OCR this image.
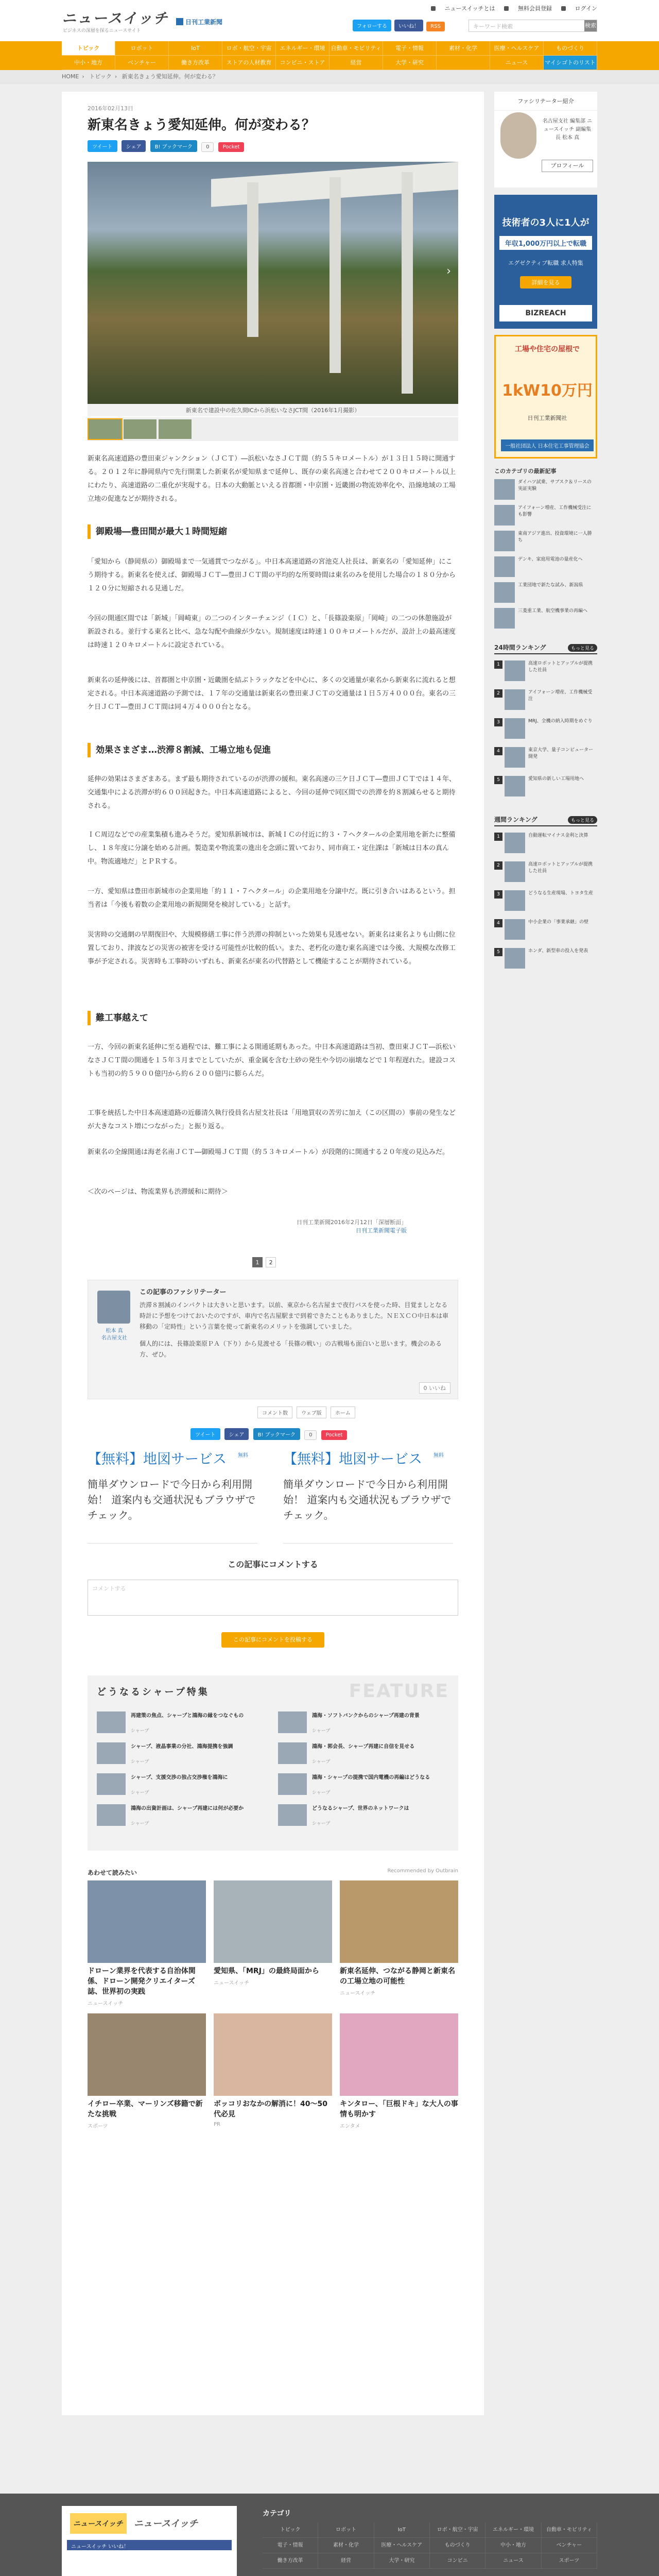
ニュースイッチ
ビジネスの深層を探るニュースサイト
日刊工業新聞
ニュースイッチとは	無料会員登録	ログイン
フォローする いいね！ RSS	キーワード検索	検索
トピック	ロボット	IoT	ロボ・航空・宇宙	エネルギー・環境	自動車・モビリティ	電子・情報	素材・化学	医療・ヘルスケア	ものづくり
中小・地方	ベンチャー	働き方改革	ストアの人材教育	コンビニ・ストア	経営	大学・研究	ニュース	マイシゴトのリスト
HOME › トピック › 新東名きょう愛知延伸。何が変わる？
2016年02月13日
新東名きょう愛知延伸。何が変わる？
ツイート	シェア	B! ブックマーク	0	Pocket
›
新東名で建設中の佐久間ICから浜松いなさJCT間（2016年1月撮影）

新東名高速道路の豊田東ジャンクション（ＪＣＴ）―浜松いなさＪＣＴ間（約５５キロメートル）が１３日１５時に開通する。２０１２年に静岡県内で先行開業した新東名が愛知県まで延伸し、既存の東名高速と合わせて２００キロメートル以上にわたり、高速道路の二重化が実現する。日本の大動脈といえる首都圏・中京圏・近畿圏の物流効率化や、沿線地域の工場立地の促進などが期待される。

御殿場―豊田間が最大１時間短縮

「愛知から（静岡県の）御殿場まで一気通貫でつながる」。中日本高速道路の宮池克人社長は、新東名の「愛知延伸」にこう期待する。新東名を使えば、御殿場ＪＣＴ―豊田ＪＣＴ間の平均的な所要時間は東名のみを使用した場合の１８０分から１２０分に短縮される見通しだ。

今回の開通区間では「新城」「岡崎東」の二つのインターチェンジ（ＩＣ）と、「長篠設楽原」「岡崎」の二つの休憩施設が新設される。並行する東名と比べ、急な勾配や曲線が少ない。規制速度は時速１００キロメートルだが、設計上の最高速度は時速１２０キロメートルに設定されている。

新東名の延伸後には、首都圏と中京圏・近畿圏を結ぶトラックなどを中心に、多くの交通量が東名から新東名に流れると想定される。中日本高速道路の予測では、１７年の交通量は新東名の豊田東ＪＣＴの交通量は１日５万４０００台。東名の三ケ日ＪＣＴ―豊田ＪＣＴ間は同４万４０００台となる。

効果さまざま…渋滞８割減、工場立地も促進

延伸の効果はさまざまある。まず最も期待されているのが渋滞の緩和。東名高速の三ケ日ＪＣＴ―豊田ＪＣＴでは１４年、交通集中による渋滞が約６００回起きた。中日本高速道路によると、今回の延伸で同区間での渋滞を約８割減らせると期待される。

ＩＣ周辺などでの産業集積も進みそうだ。愛知県新城市は、新城ＩＣの付近に約３・７ヘクタールの企業用地を新たに整備し、１８年度に分譲を始める計画。製造業や物流業の進出を念頭に置いており、同市商工・定住課は「新城は日本の真ん中。物流適地だ」とＰＲする。

一方、愛知県は豊田市新城市の企業用地「約１１・７ヘクタール」の企業用地を分譲中だ。既に引き合いはあるという。担当者は「今後も着数の企業用地の新規開発を検討している」と話す。

災害時の交通網の早期復旧や、大規模修繕工事に伴う渋滞の抑制といった効果も見逃せない。新東名は東名よりも山側に位置しており、津波などの災害の被害を受ける可能性が比較的低い。また、老朽化の進む東名高速では今後、大規模な改修工事が予定される。災害時も工事時のいずれも、新東名が東名の代替路として機能することが期待されている。

難工事越えて

一方、今回の新東名延伸に至る過程では、難工事による開通延期もあった。中日本高速道路は当初、豊田東ＪＣＴ―浜松いなさＪＣＴ間の開通を１５年３月までとしていたが、重金属を含む土砂の発生や今切の崩壊などで１年程遅れた。建設コストも当初の約５９００億円から約６２００億円に膨らんだ。

工事を統括した中日本高速道路の近藤清久執行役員名古屋支社長は「用地買収の苦労に加え（この区間の）事前の発生などが大きなコスト増につながった」と振り返る。

新東名の全線開通は海老名南ＪＣＴ―御殿場ＪＣＴ間（約５３キロメートル）が段階的に開通する２０年度の見込みだ。

＜次のページは、物流業界も渋滞緩和に期待＞
日刊工業新聞2016年2月12日「深層断面」
日刊工業新聞電子版
1 2
この記事のファシリテーター
松本 真
名古屋支社

渋滞８割減のインパクトは大きいと思います。以前、東京から名古屋まで夜行バスを使った時、目覚ましとなる時計に予想をつけておいたのですが、車内で名古屋駅まで到着できたこともありました。ＮＥＸＣＯ中日本は車移動の「定時性」という言葉を使って新東名のメリットを強調していました。

個人的には、長篠設楽原ＰＡ（下り）から見渡せる「長篠の戦い」の古戦場も面白いと思います。機会のある方、ぜひ。

0 いいね
コメント数	ウェブ版	ホーム
ツイート	シェア	B! ブックマーク	0	Pocket
【無料】地図サービス	無料
簡単ダウンロードで今日から利用開始！ 道案内も交通状況もブラウザでチェック。
【無料】地図サービス	無料
簡単ダウンロードで今日から利用開始！ 道案内も交通状況もブラウザでチェック。
この記事にコメントする
コメントする
この記事にコメントを投稿する
どうなるシャープ特集	FEATURE
再建策の焦点、シャープと鴻海の縁をつなぐもの
シャープ
鴻海・ソフトバンクからのシャープ再建の背景
シャープ
シャープ、液晶事業の分社、鴻海提携を強調
シャープ
鴻海・郭会長、シャープ再建に自信を見せる
シャープ
シャープ、支援交渉の独占交渉権を鴻海に
シャープ
鴻海・シャープの提携で国内電機の再編はどうなる
シャープ
鴻海の出資計画は、シャープ再建には何が必要か
シャープ
どうなるシャープ、世界のネットワークは
シャープ
あわせて読みたい	Recommended by Outbrain
ドローン業界を代表する自治体関係、ドローン開発クリエイターズ誌、世界初の実践
ニュースイッチ
愛知県、「MRJ」の最終局面から
ニュースイッチ
新東名延伸、つながる静岡と新東名の工場立地の可能性
ニュースイッチ
イチロー卒業、マーリンズ移籍で新たな挑戦
スポーツ
ボッコリおなかの解消に！40～50代必見
PR
キンタロー、「巨根ドキ」な大人の事情も明かす
エンタメ
ファシリテーター紹介
名古屋支社 編集部 ニュースイッチ 副編集長 松本 真
プロフィール
技術者の3人に1人が
年収1,000万円以上で転職
エグゼクティブ転職 求人特集
詳細を見る
BIZREACH
工場や住宅の屋根で
1kW10万円
日刊工業新聞社
一般社団法人 日本住宅工事管理協会
このカテゴリの最新記事
ダイハツ試乗、サブスク＆リースの実証実験
アイフォーン増産、工作機械受注にも影響
東南アジア進出、投資環境に一人勝ち
デンキ、家庭用電池の量産化へ
工業団地で新たな試み、新潟県
三菱重工業、航空機事業の再編へ
24時間ランキング	もっと見る
1	高速ロボットとアップルが提携した社員
2	アイフォーン増産、工作機械受注
3	MRJ、全機の納入時期をめぐり
4	東京大学、量子コンピューター開発
5	愛知県の新しい工場用地へ
週間ランキング	もっと見る
1	自動運転マイナス金利と決算
2	高速ロボットとアップルが提携した社員
3	どうなる生産現場、トヨタ生産
4	中小企業の「事業承継」の壁
5	ホンダ、新型車の投入を発表
ニュースイッチ	ニュースイッチ
ニュースイッチ いいね！
カテゴリ
トピック	ロボット	IoT	ロボ・航空・宇宙	エネルギー・環境	自動車・モビリティ
電子・情報	素材・化学	医療・ヘルスケア	ものづくり	中小・地方	ベンチャー
働き方改革	経営	大学・研究	コンビニ	ニュース	スポーツ
